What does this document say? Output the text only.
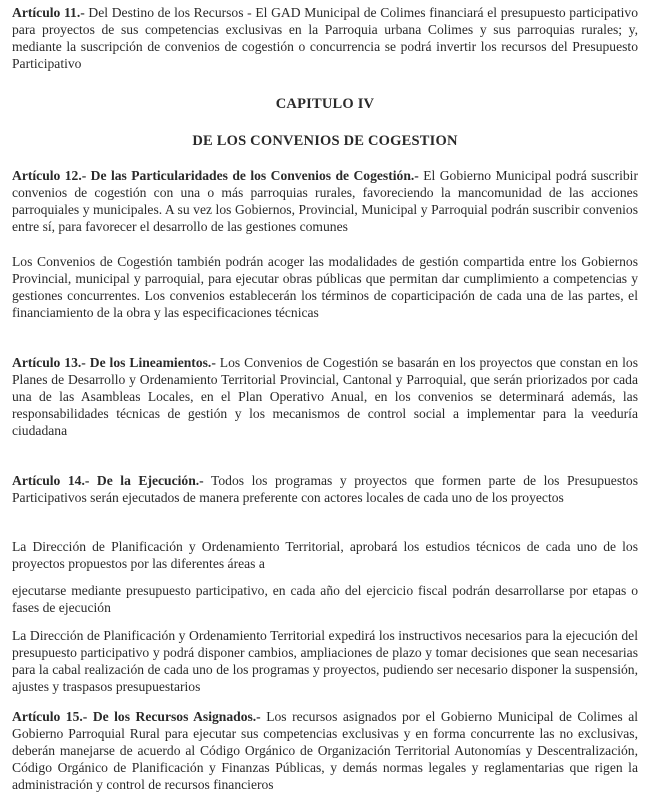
Artículo 11.- Del Destino de los Recursos - El GAD Municipal de Colimes financiará el presupuesto participativo para proyectos de sus competencias exclusivas en la Parroquia urbana Colimes y sus parroquias rurales; y, mediante la suscripción de convenios de cogestión o concurrencia se podrá invertir los recursos del Presupuesto Participativo

CAPITULO IV

DE LOS CONVENIOS DE COGESTION

Artículo 12.- De las Particularidades de los Convenios de Cogestión.- El Gobierno Municipal podrá suscribir convenios de cogestión con una o más parroquias rurales, favoreciendo la mancomunidad de las acciones parroquiales y municipales. A su vez los Gobiernos, Provincial, Municipal y Parroquial podrán suscribir convenios entre sí, para favorecer el desarrollo de las gestiones comunes

Los Convenios de Cogestión también podrán acoger las modalidades de gestión compartida entre los Gobiernos Provincial, municipal y parroquial, para ejecutar obras públicas que permitan dar cumplimiento a competencias y gestiones concurrentes. Los convenios establecerán los términos de coparticipación de cada una de las partes, el financiamiento de la obra y las especificaciones técnicas

Artículo 13.- De los Lineamientos.- Los Convenios de Cogestión se basarán en los proyectos que constan en los Planes de Desarrollo y Ordenamiento Territorial Provincial, Cantonal y Parroquial, que serán priorizados por cada una de las Asambleas Locales, en el Plan Operativo Anual, en los convenios se determinará además, las responsabilidades técnicas de gestión y los mecanismos de control social a implementar para la veeduría ciudadana

Artículo 14.- De la Ejecución.- Todos los programas y proyectos que formen parte de los Presupuestos Participativos serán ejecutados de manera preferente con actores locales de cada uno de los proyectos

La Dirección de Planificación y Ordenamiento Territorial, aprobará los estudios técnicos de cada uno de los proyectos propuestos por las diferentes áreas a

ejecutarse mediante presupuesto participativo, en cada año del ejercicio fiscal podrán desarrollarse por etapas o fases de ejecución

La Dirección de Planificación y Ordenamiento Territorial expedirá los instructivos necesarios para la ejecución del presupuesto participativo y podrá disponer cambios, ampliaciones de plazo y tomar decisiones que sean necesarias para la cabal realización de cada uno de los programas y proyectos, pudiendo ser necesario disponer la suspensión, ajustes y traspasos presupuestarios

Artículo 15.- De los Recursos Asignados.- Los recursos asignados por el Gobierno Municipal de Colimes al Gobierno Parroquial Rural para ejecutar sus competencias exclusivas y en forma concurrente las no exclusivas, deberán manejarse de acuerdo al Código Orgánico de Organización Territorial Autonomías y Descentralización, Código Orgánico de Planificación y Finanzas Públicas, y demás normas legales y reglamentarias que rigen la administración y control de recursos financieros
